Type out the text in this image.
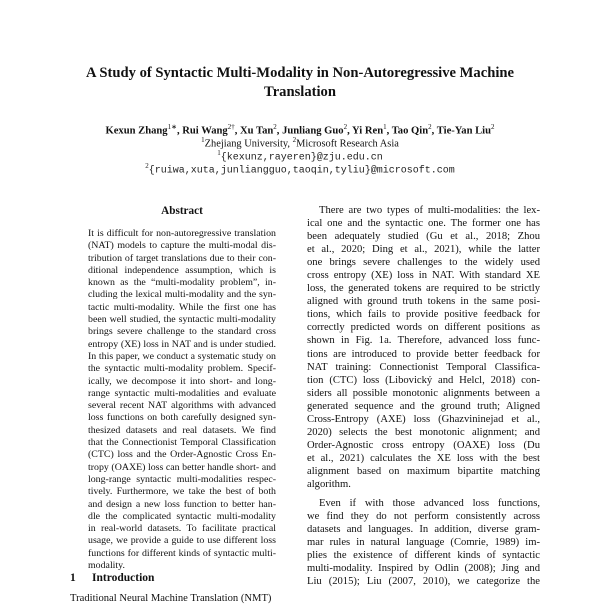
A Study of Syntactic Multi-Modality in Non-Autoregressive Machine
Translation
Kexun Zhang$^{1∗}$, Rui Wang$^{2\dagger}$, Xu Tan$^2$, Junliang Guo$^2$, Yi Ren$^1$, Tao Qin$^2$, Tie-Yan Liu$^2$
$^1$Zhejiang University, $^2$Microsoft Research Asia
$^1${kexunz,rayeren}@zju.edu.cn
$^2${ruiwa,xuta,junliangguo,taoqin,tyliu}@microsoft.com
Abstract
It is difficult for non-autoregressive translation
(NAT) models to capture the multi-modal dis-
tribution of target translations due to their con-
ditional independence assumption, which is
known as the “multi-modality problem”, in-
cluding the lexical multi-modality and the syn-
tactic multi-modality. While the first one has
been well studied, the syntactic multi-modality
brings severe challenge to the standard cross
entropy (XE) loss in NAT and is under studied.
In this paper, we conduct a systematic study on
the syntactic multi-modality problem. Specif-
ically, we decompose it into short- and long-
range syntactic multi-modalities and evaluate
several recent NAT algorithms with advanced
loss functions on both carefully designed syn-
thesized datasets and real datasets. We find
that the Connectionist Temporal Classification
(CTC) loss and the Order-Agnostic Cross En-
tropy (OAXE) loss can better handle short- and
long-range syntactic multi-modalities respec-
tively. Furthermore, we take the best of both
and design a new loss function to better han-
dle the complicated syntactic multi-modality
in real-world datasets. To facilitate practical
usage, we provide a guide to use different loss
functions for different kinds of syntactic multi-
modality.
1 Introduction
Traditional Neural Machine Translation (NMT)
There are two types of multi-modalities: the lex-
ical one and the syntactic one. The former one has
been adequately studied (Gu et al., 2018; Zhou
et al., 2020; Ding et al., 2021), while the latter
one brings severe challenges to the widely used
cross entropy (XE) loss in NAT. With standard XE
loss, the generated tokens are required to be strictly
aligned with ground truth tokens in the same posi-
tions, which fails to provide positive feedback for
correctly predicted words on different positions as
shown in Fig. 1a. Therefore, advanced loss func-
tions are introduced to provide better feedback for
NAT training: Connectionist Temporal Classifica-
tion (CTC) loss (Libovický and Helcl, 2018) con-
siders all possible monotonic alignments between a
generated sequence and the ground truth; Aligned
Cross-Entropy (AXE) loss (Ghazvininejad et al.,
2020) selects the best monotonic alignment; and
Order-Agnostic cross entropy (OAXE) loss (Du
et al., 2021) calculates the XE loss with the best
alignment based on maximum bipartite matching
algorithm.
Even if with those advanced loss functions,
we find they do not perform consistently across
datasets and languages. In addition, diverse gram-
mar rules in natural language (Comrie, 1989) im-
plies the existence of different kinds of syntactic
multi-modality. Inspired by Odlin (2008); Jing and
Liu (2015); Liu (2007, 2010), we categorize the
